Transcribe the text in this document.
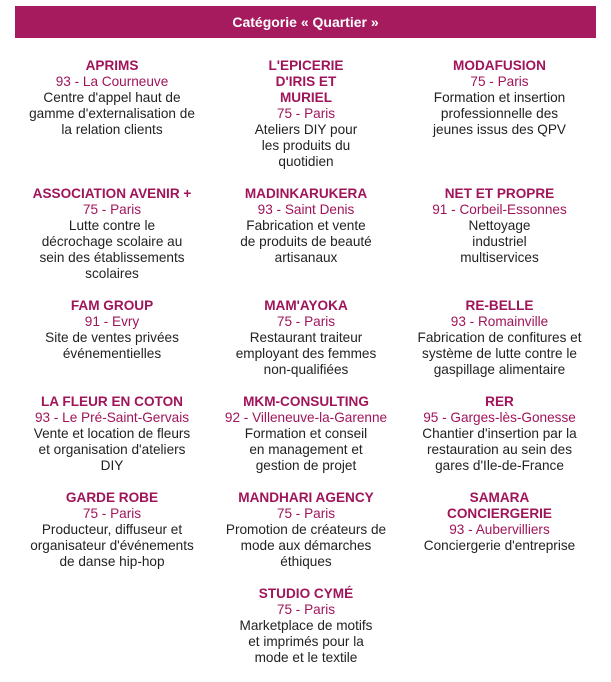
Catégorie « Quartier »
APRIMS
93 - La Courneuve
Centre d'appel haut de gamme d'externalisation de la relation clients
L'EPICERIE D'IRIS ET MURIEL
75 - Paris
Ateliers DIY pour les produits du quotidien
MODAFUSION
75 - Paris
Formation et insertion professionnelle des jeunes issus des QPV
ASSOCIATION AVENIR +
75 - Paris
Lutte contre le décrochage scolaire au sein des établissements scolaires
MADINKARUKERA
93 - Saint Denis
Fabrication et vente de produits de beauté artisanaux
NET ET PROPRE
91 - Corbeil-Essonnes
Nettoyage industriel multiservices
FAM GROUP
91 - Evry
Site de ventes privées événementielles
MAM'AYOKA
75 - Paris
Restaurant traiteur employant des femmes non-qualifiées
RE-BELLE
93 - Romainville
Fabrication de confitures et système de lutte contre le gaspillage alimentaire
LA FLEUR EN COTON
93 - Le Pré-Saint-Gervais
Vente et location de fleurs et organisation d'ateliers DIY
MKM-CONSULTING
92 - Villeneuve-la-Garenne
Formation et conseil en management et gestion de projet
RER
95 - Garges-lès-Gonesse
Chantier d'insertion par la restauration au sein des gares d'Ile-de-France
GARDE ROBE
75 - Paris
Producteur, diffuseur et organisateur d'événements de danse hip-hop
MANDHARI AGENCY
75 - Paris
Promotion de créateurs de mode aux démarches éthiques
SAMARA CONCIERGERIE
93 - Aubervilliers
Conciergerie d'entreprise
STUDIO CYMÉ
75 - Paris
Marketplace de motifs et imprimés pour la mode et le textile
